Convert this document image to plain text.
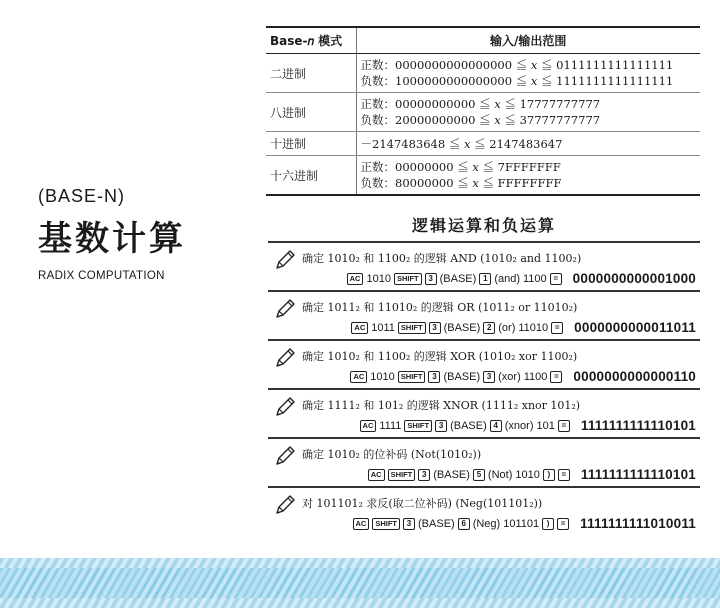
(BASE-N)
基数计算
RADIX COMPUTATION
Base-𝑛 模式	输入/输出范围
二进制	正数：0000000000000000 ≦ 𝑥 ≦ 0111111111111111
负数：1000000000000000 ≦ 𝑥 ≦ 1111111111111111

八进制	正数：00000000000 ≦ 𝑥 ≦ 17777777777
负数：20000000000 ≦ 𝑥 ≦ 37777777777

十进制	－2147483648 ≦ 𝑥 ≦ 2147483647

十六进制	正数：00000000 ≦ 𝑥 ≦ 7FFFFFFF
负数：80000000 ≦ 𝑥 ≦ FFFFFFFF
逻辑运算和负运算
确定 1010₂ 和 1100₂ 的逻辑 AND (1010₂ and 1100₂)
AC 1010 SHIFT	3 (BASE) 1 (and) 1100 = 0000000000001000
确定 1011₂ 和 11010₂ 的逻辑 OR (1011₂ or 11010₂)
AC 1011 SHIFT	3 (BASE) 2 (or) 11010 = 0000000000011011
确定 1010₂ 和 1100₂ 的逻辑 XOR (1010₂ xor 1100₂)
AC 1010 SHIFT	3 (BASE) 3 (xor) 1100 = 0000000000000110
确定 1111₂ 和 101₂ 的逻辑 XNOR (1111₂ xnor 101₂)
AC 1111 SHIFT	3 (BASE) 4 (xnor) 101 = 1111111111110101
确定 1010₂ 的位补码 (Not(1010₂))
AC	SHIFT	3 (BASE) 5 (Not) 1010 )	= 1111111111110101
对 101101₂ 求反(取二位补码) (Neg(101101₂))
AC	SHIFT	3 (BASE) 6 (Neg) 101101 )	= 1111111111010011
